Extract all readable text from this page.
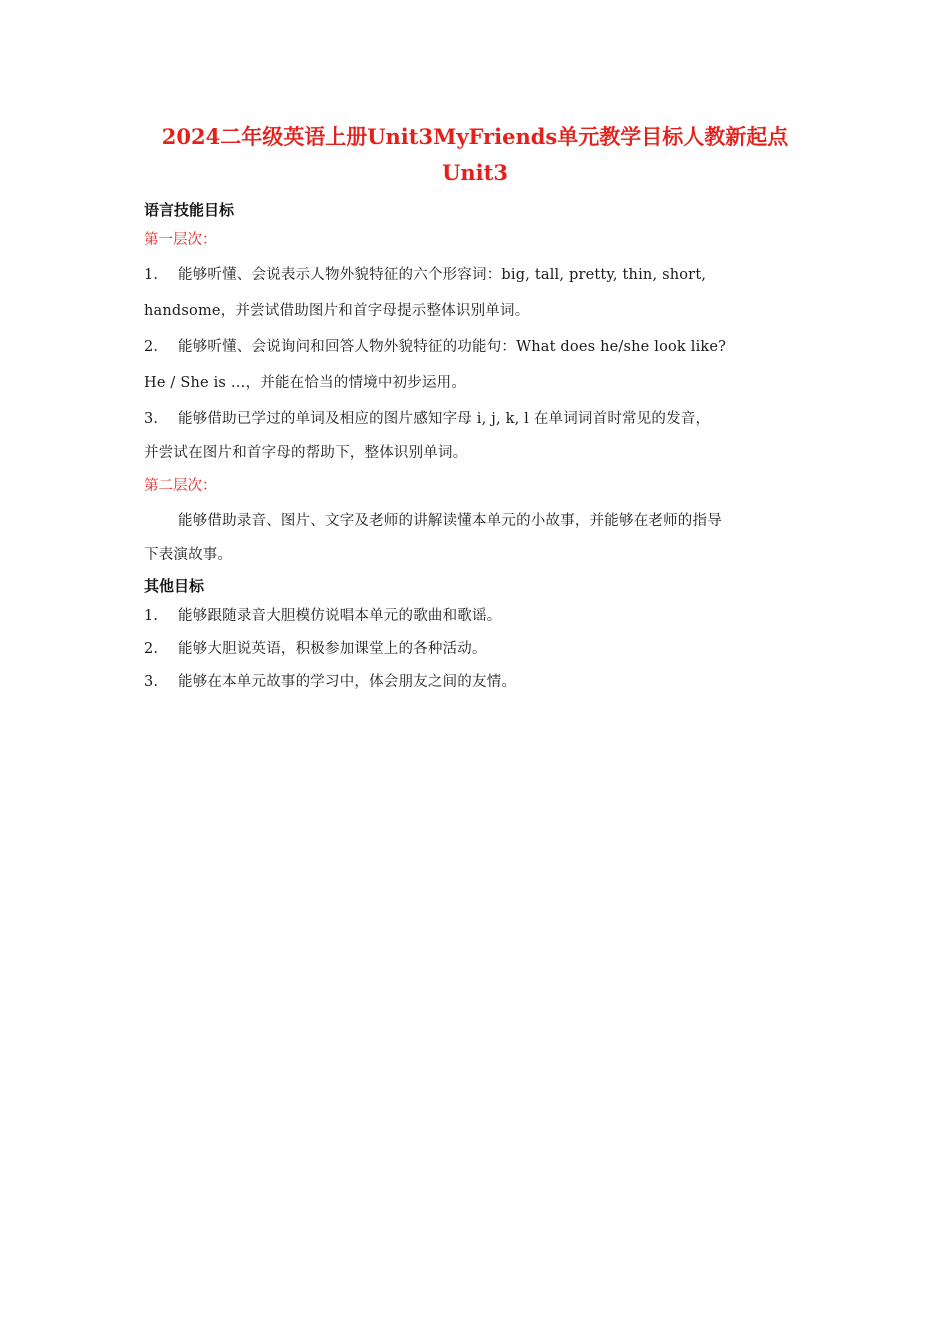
2024二年级英语上册Unit3MyFriends单元教学目标人教新起点
Unit3
语言技能目标
第一层次：
1. 能够听懂、会说表示人物外貌特征的六个形容词：big, tall, pretty, thin, short,
handsome，并尝试借助图片和首字母提示整体识别单词。
2. 能够听懂、会说询问和回答人物外貌特征的功能句：What does he/she look like?
He / She is …，并能在恰当的情境中初步运用。
3. 能够借助已学过的单词及相应的图片感知字母 i, j, k, l 在单词词首时常见的发音，
并尝试在图片和首字母的帮助下，整体识别单词。
第二层次：
能够借助录音、图片、文字及老师的讲解读懂本单元的小故事，并能够在老师的指导
下表演故事。
其他目标
1. 能够跟随录音大胆模仿说唱本单元的歌曲和歌谣。
2. 能够大胆说英语，积极参加课堂上的各种活动。
3. 能够在本单元故事的学习中，体会朋友之间的友情。
